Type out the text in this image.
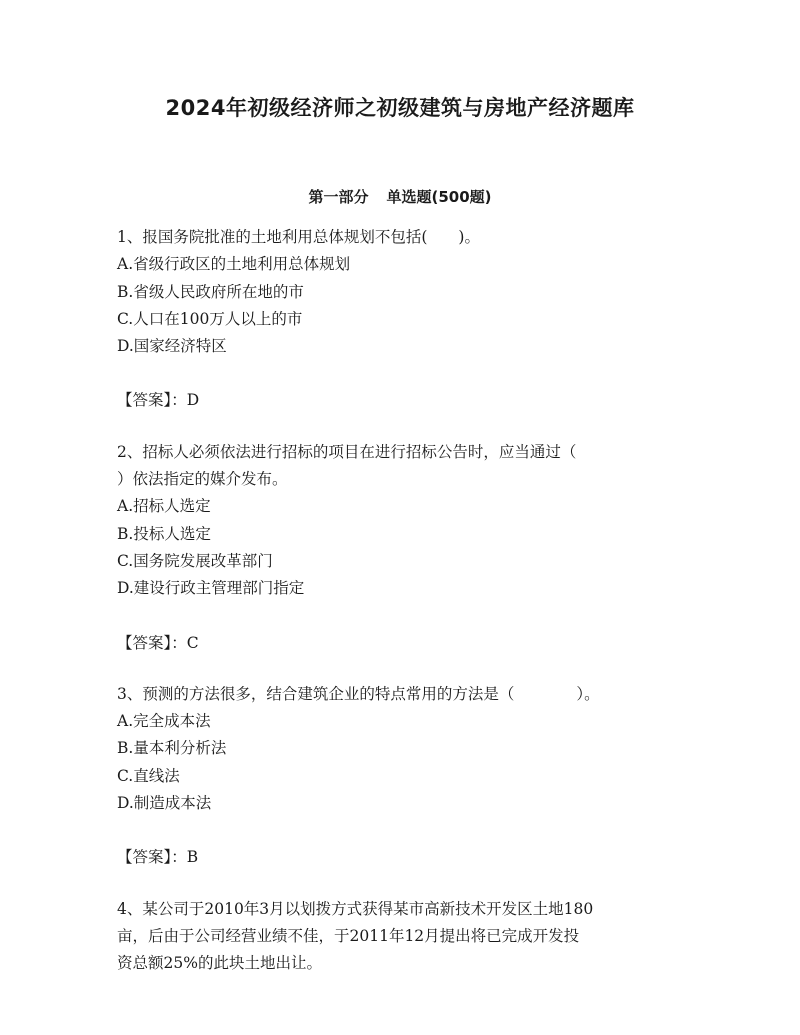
2024年初级经济师之初级建筑与房地产经济题库
第一部分 单选题(500题)
1、报国务院批准的土地利用总体规划不包括(　　)。
A.省级行政区的土地利用总体规划
B.省级人民政府所在地的市
C.人口在100万人以上的市
D.国家经济特区
【答案】：D
2、招标人必须依法进行招标的项目在进行招标公告时，应当通过（
）依法指定的媒介发布。
A.招标人选定
B.投标人选定
C.国务院发展改革部门
D.建设行政主管理部门指定
【答案】：C
3、预测的方法很多，结合建筑企业的特点常用的方法是（　　　　）。
A.完全成本法
B.量本利分析法
C.直线法
D.制造成本法
【答案】：B
4、某公司于2010年3月以划拨方式获得某市高新技术开发区土地180
亩，后由于公司经营业绩不佳，于2011年12月提出将已完成开发投
资总额25%的此块土地出让。
